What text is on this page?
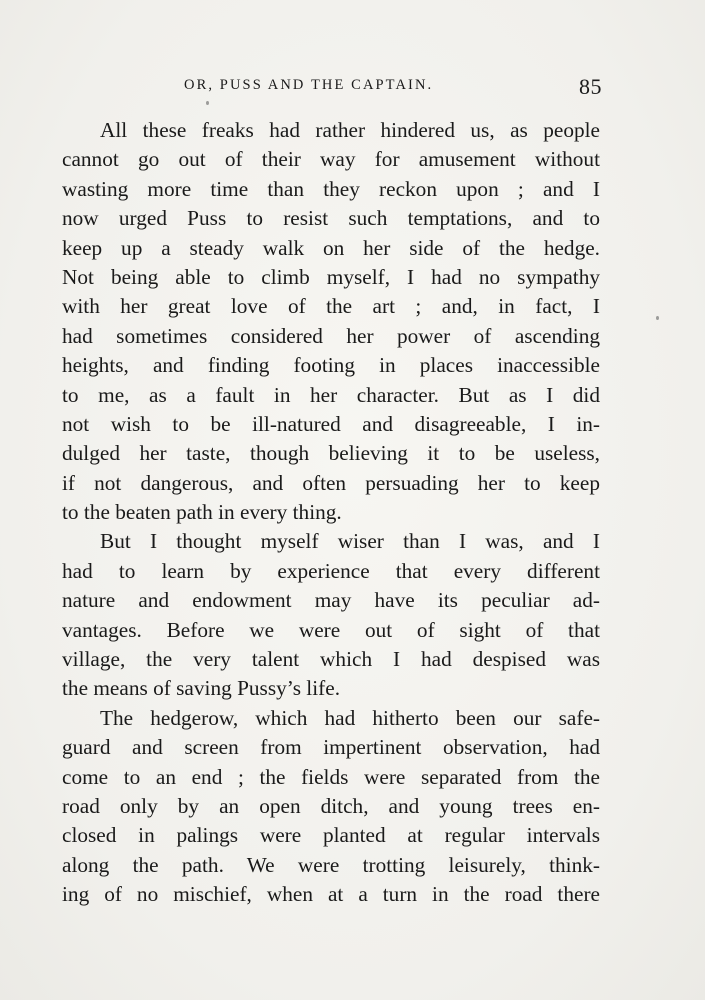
OR, PUSS AND THE CAPTAIN.	85
All these freaks had rather hindered us, as people
cannot go out of their way for amusement without
wasting more time than they reckon upon ; and I
now urged Puss to resist such temptations, and to
keep up a steady walk on her side of the hedge.
Not being able to climb myself, I had no sympathy
with her great love of the art ; and, in fact, I
had sometimes considered her power of ascending
heights, and finding footing in places inaccessible
to me, as a fault in her character. But as I did
not wish to be ill-natured and disagreeable, I in-
dulged her taste, though believing it to be useless,
if not dangerous, and often persuading her to keep
to the beaten path in every thing.
But I thought myself wiser than I was, and I
had to learn by experience that every different
nature and endowment may have its peculiar ad-
vantages. Before we were out of sight of that
village, the very talent which I had despised was
the means of saving Pussy’s life.
The hedgerow, which had hitherto been our safe-
guard and screen from impertinent observation, had
come to an end ; the fields were separated from the
road only by an open ditch, and young trees en-
closed in palings were planted at regular intervals
along the path. We were trotting leisurely, think-
ing of no mischief, when at a turn in the road there
